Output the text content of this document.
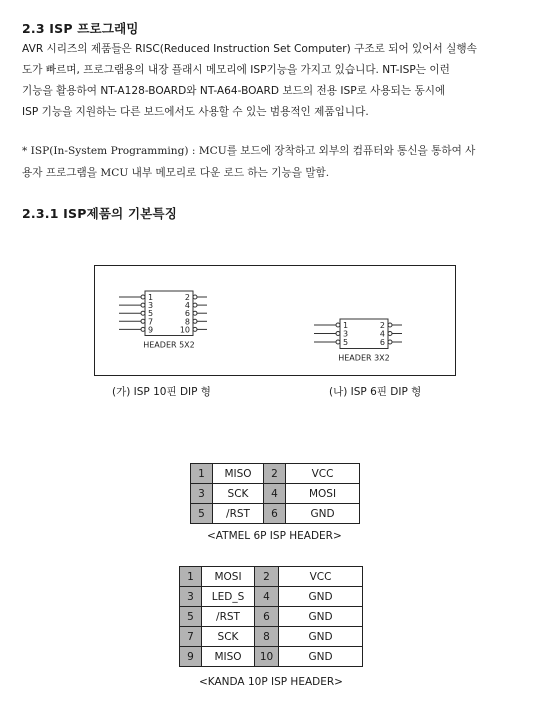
2.3 ISP 프로그래밍
AVR 시리즈의 제품들은 RISC(Reduced Instruction Set Computer) 구조로 되어 있어서 실행속
도가 빠르며, 프로그램용의 내장 플래시 메모리에 ISP기능을 가지고 있습니다. NT-ISP는 이런
기능을 활용하여 NT-A128-BOARD와 NT-A64-BOARD 보드의 전용 ISP로 사용되는 동시에
ISP 기능을 지원하는 다른 보드에서도 사용할 수 있는 범용적인 제품입니다.
* ISP(In-System Programming) : MCU를 보드에 장착하고 외부의 컴퓨터와 통신을 통하여 사
용자 프로그램을 MCU 내부 메모리로 다운 로드 하는 기능을 말함.
2.3.1 ISP제품의 기본특징
1	2
3	4
5	6
7	8
9	10
HEADER 5X2
1	2
3	4
5	6
HEADER 3X2
(가) ISP 10핀 DIP 형	(나) ISP 6핀 DIP 형
1	MISO	2	VCC
3	SCK	4	MOSI
5	/RST	6	GND
<ATMEL 6P ISP HEADER>
1	MOSI	2	VCC
3	LED_S	4	GND
5	/RST	6	GND
7	SCK	8	GND
9	MISO	10	GND
<KANDA 10P ISP HEADER>
